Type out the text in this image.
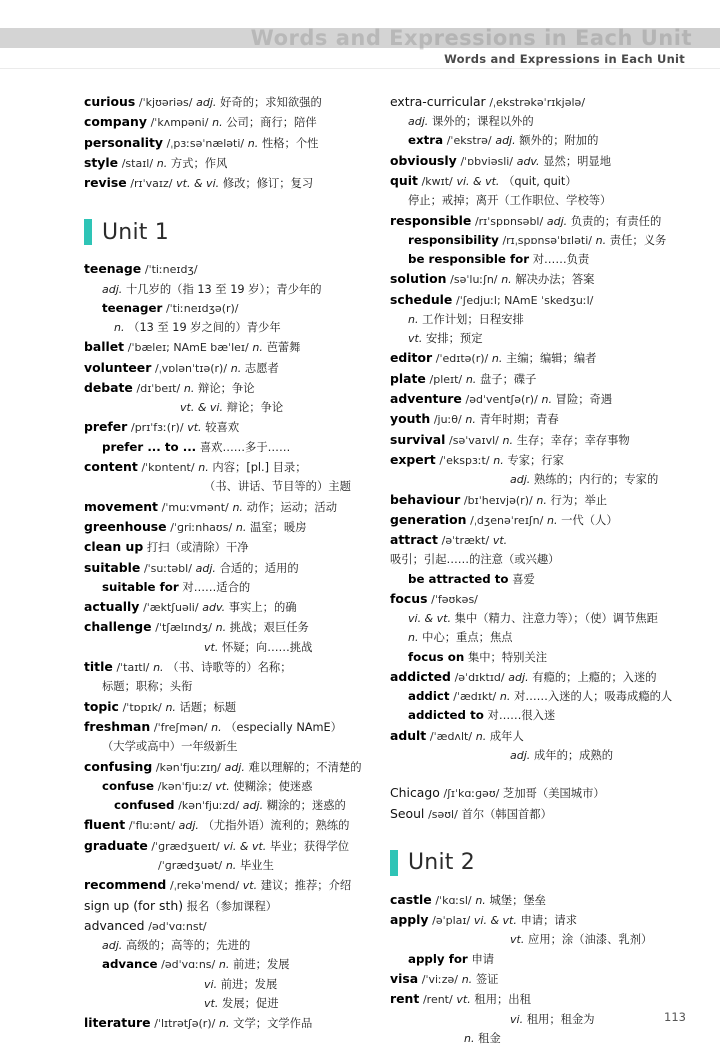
Words and Expressions in Each Unit
Words and Expressions in Each Unit
curious /ˈkjʊəriəs/ adj. 好奇的；求知欲强的
company /ˈkʌmpəni/ n. 公司；商行；陪伴
personality /ˌpɜːsəˈnæləti/ n. 性格；个性
style /staɪl/ n. 方式；作风
revise /rɪˈvaɪz/ vt. & vi. 修改；修订；复习
Unit 1
teenage /ˈtiːneɪdʒ/
adj. 十几岁的（指 13 至 19 岁）；青少年的
teenager /ˈtiːneɪdʒə(r)/
n. （13 至 19 岁之间的）青少年
ballet /ˈbæleɪ; NAmE bæˈleɪ/ n. 芭蕾舞
volunteer /ˌvɒlənˈtɪə(r)/ n. 志愿者
debate /dɪˈbeɪt/ n. 辩论；争论
vt. & vi. 辩论；争论
prefer /prɪˈfɜː(r)/ vt. 较喜欢
prefer ... to ... 喜欢……多于……
content /ˈkɒntent/ n. 内容；[pl.] 目录；
（书、讲话、节目等的）主题
movement /ˈmuːvmənt/ n. 动作；运动；活动
greenhouse /ˈɡriːnhaʊs/ n. 温室；暖房
clean up 打扫（或清除）干净
suitable /ˈsuːtəbl/ adj. 合适的；适用的
suitable for 对……适合的
actually /ˈæktʃuəli/ adv. 事实上；的确
challenge /ˈtʃælɪndʒ/ n. 挑战；艰巨任务
vt. 怀疑；向……挑战
title /ˈtaɪtl/ n. （书、诗歌等的）名称；
标题；职称；头衔
topic /ˈtɒpɪk/ n. 话题；标题
freshman /ˈfreʃmən/ n. （especially NAmE）
（大学或高中）一年级新生
confusing /kənˈfjuːzɪŋ/ adj. 难以理解的；不清楚的
confuse /kənˈfjuːz/ vt. 使糊涂；使迷惑
confused /kənˈfjuːzd/ adj. 糊涂的；迷惑的
fluent /ˈfluːənt/ adj. （尤指外语）流利的；熟练的
graduate /ˈɡrædʒueɪt/ vi. & vt. 毕业；获得学位
/ˈɡrædʒuət/ n. 毕业生
recommend /ˌrekəˈmend/ vt. 建议；推荐；介绍
sign up (for sth) 报名（参加课程）
advanced /ədˈvɑːnst/
adj. 高级的；高等的；先进的
advance /ədˈvɑːns/ n. 前进；发展
vi. 前进；发展
vt. 发展；促进
literature /ˈlɪtrətʃə(r)/ n. 文学；文学作品
extra-curricular /ˌekstrəkəˈrɪkjələ/
adj. 课外的；课程以外的
extra /ˈekstrə/ adj. 额外的；附加的
obviously /ˈɒbviəsli/ adv. 显然；明显地
quit /kwɪt/ vi. & vt. （quit, quit）
停止；戒掉；离开（工作职位、学校等）
responsible /rɪˈspɒnsəbl/ adj. 负责的；有责任的
responsibility /rɪˌspɒnsəˈbɪləti/ n. 责任；义务
be responsible for 对……负责
solution /səˈluːʃn/ n. 解决办法；答案
schedule /ˈʃedjuːl; NAmE ˈskedʒuːl/
n. 工作计划；日程安排
vt. 安排；预定
editor /ˈedɪtə(r)/ n. 主编；编辑；编者
plate /pleɪt/ n. 盘子；碟子
adventure /ədˈventʃə(r)/ n. 冒险；奇遇
youth /juːθ/ n. 青年时期；青春
survival /səˈvaɪvl/ n. 生存；幸存；幸存事物
expert /ˈekspɜːt/ n. 专家；行家
adj. 熟练的；内行的；专家的
behaviour /bɪˈheɪvjə(r)/ n. 行为；举止
generation /ˌdʒenəˈreɪʃn/ n. 一代（人）
attract /əˈtrækt/ vt. 吸引；引起……的注意（或兴趣）
be attracted to 喜爱
focus /ˈfəʊkəs/
vi. & vt. 集中（精力、注意力等）；（使）调节焦距
n. 中心；重点；焦点
focus on 集中；特别关注
addicted /əˈdɪktɪd/ adj. 有瘾的；上瘾的；入迷的
addict /ˈædɪkt/ n. 对……入迷的人；吸毒成瘾的人
addicted to 对……很入迷
adult /ˈædʌlt/ n. 成年人
adj. 成年的；成熟的
Chicago /ʃɪˈkɑːɡəʊ/ 芝加哥（美国城市）
Seoul /səʊl/ 首尔（韩国首都）
Unit 2
castle /ˈkɑːsl/ n. 城堡；堡垒
apply /əˈplaɪ/ vi. & vt. 申请；请求
vt. 应用；涂（油漆、乳剂）
apply for 申请
visa /ˈviːzə/ n. 签证
rent /rent/ vt. 租用；出租
vi. 租用；租金为
n. 租金
113
